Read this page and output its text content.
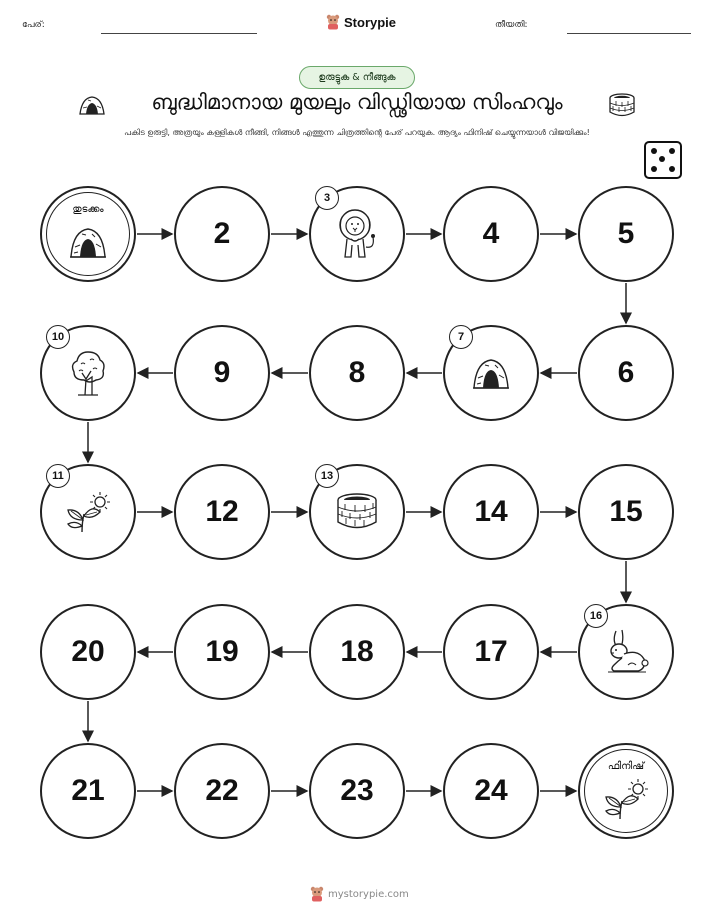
പേര്:	Storypie	തീയതി:
ഉരുട്ടുക & നീങ്ങുക
ബുദ്ധിമാനായ മുയലും വിഡ്ഢിയായ സിംഹവും
പകിട ഉരുട്ടി, അത്രയും കള്ളികൾ നീങ്ങി, നിങ്ങൾ എത്തുന്ന ചിത്രത്തിന്റെ പേര് പറയുക. ആദ്യം ഫിനിഷ് ചെയ്യുന്നയാൾ വിജയിക്കും!
തുടക്കം
2
3
4	5
6
7
8
9
10
11
12
13
14	15
16
17
18
19
20
21	22	23	24
ഫിനിഷ്
mystorypie.com
